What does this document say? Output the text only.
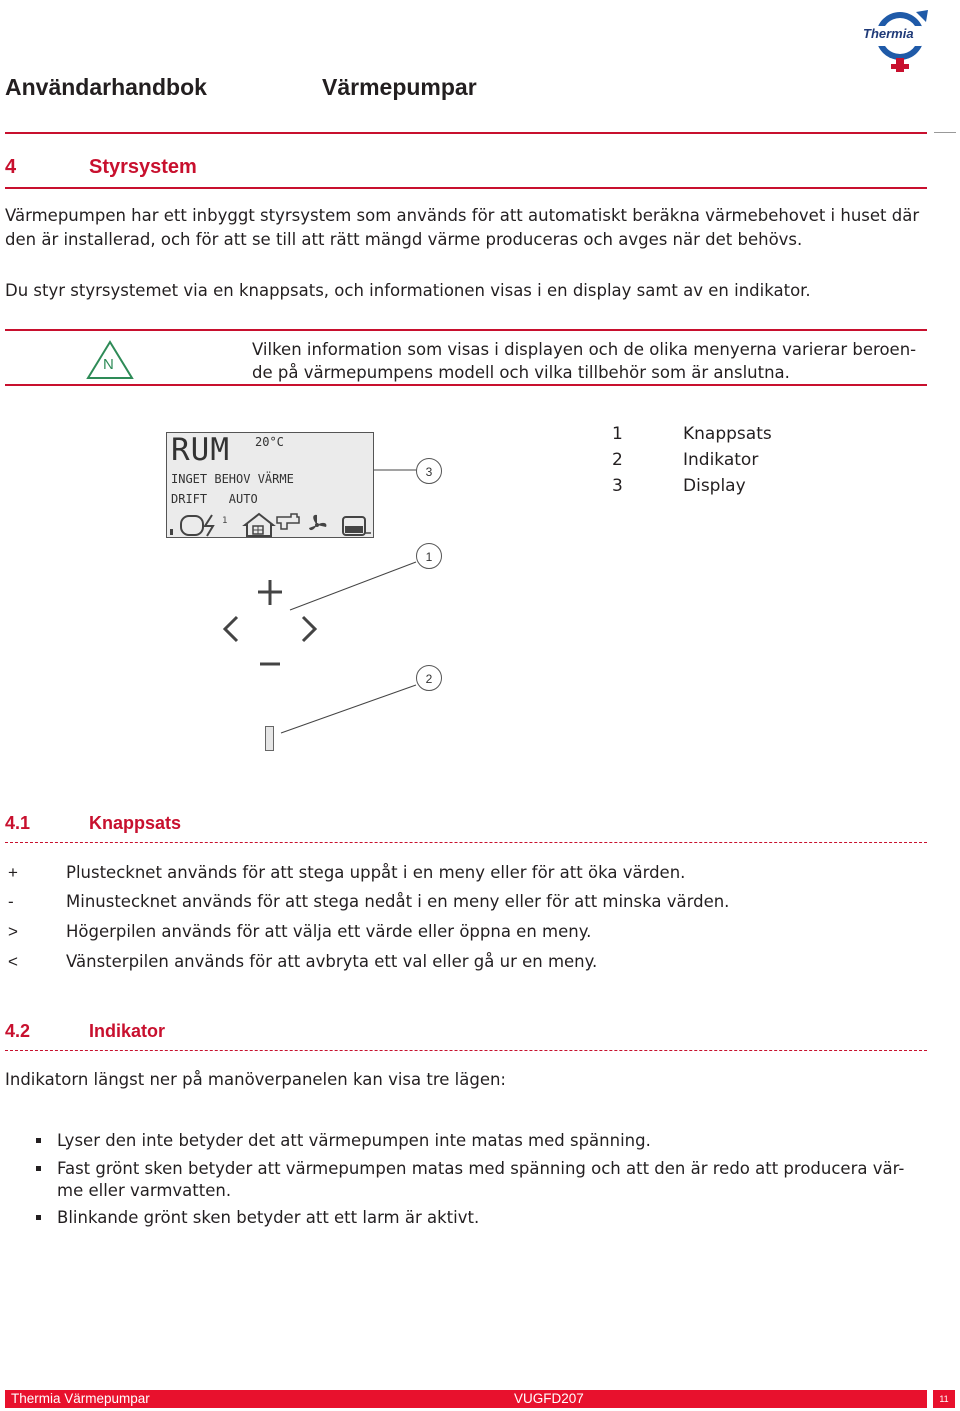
Thermia
Användarhandbok	Värmepumpar
4	Styrsystem
Värmepumpen har ett inbyggt styrsystem som används för att automatiskt beräkna värmebehovet i huset där
den är installerad, och för att se till att rätt mängd värme produceras och avges när det behövs.
Du styr styrsystemet via en knappsats, och informationen visas i en display samt av en indikator.
N
Vilken information som visas i displayen och de olika menyerna varierar beroen-
de på värmepumpens modell och vilka tillbehör som är anslutna.
RUM 20°C
INGET BEHOV VÄRME
DRIFT   AUTO
1
3
1
2
1	Knappsats
2	Indikator
3	Display
4.1	Knappsats
+	Plustecknet används för att stega uppåt i en meny eller för att öka värden.
-	Minustecknet används för att stega nedåt i en meny eller för att minska värden.
>	Högerpilen används för att välja ett värde eller öppna en meny.
<	Vänsterpilen används för att avbryta ett val eller gå ur en meny.
4.2	Indikator
Indikatorn längst ner på manöverpanelen kan visa tre lägen:
Lyser den inte betyder det att värmepumpen inte matas med spänning.
Fast grönt sken betyder att värmepumpen matas med spänning och att den är redo att producera vär-
me eller varmvatten.
Blinkande grönt sken betyder att ett larm är aktivt.
Thermia Värmepumpar	VUGFD207	11
